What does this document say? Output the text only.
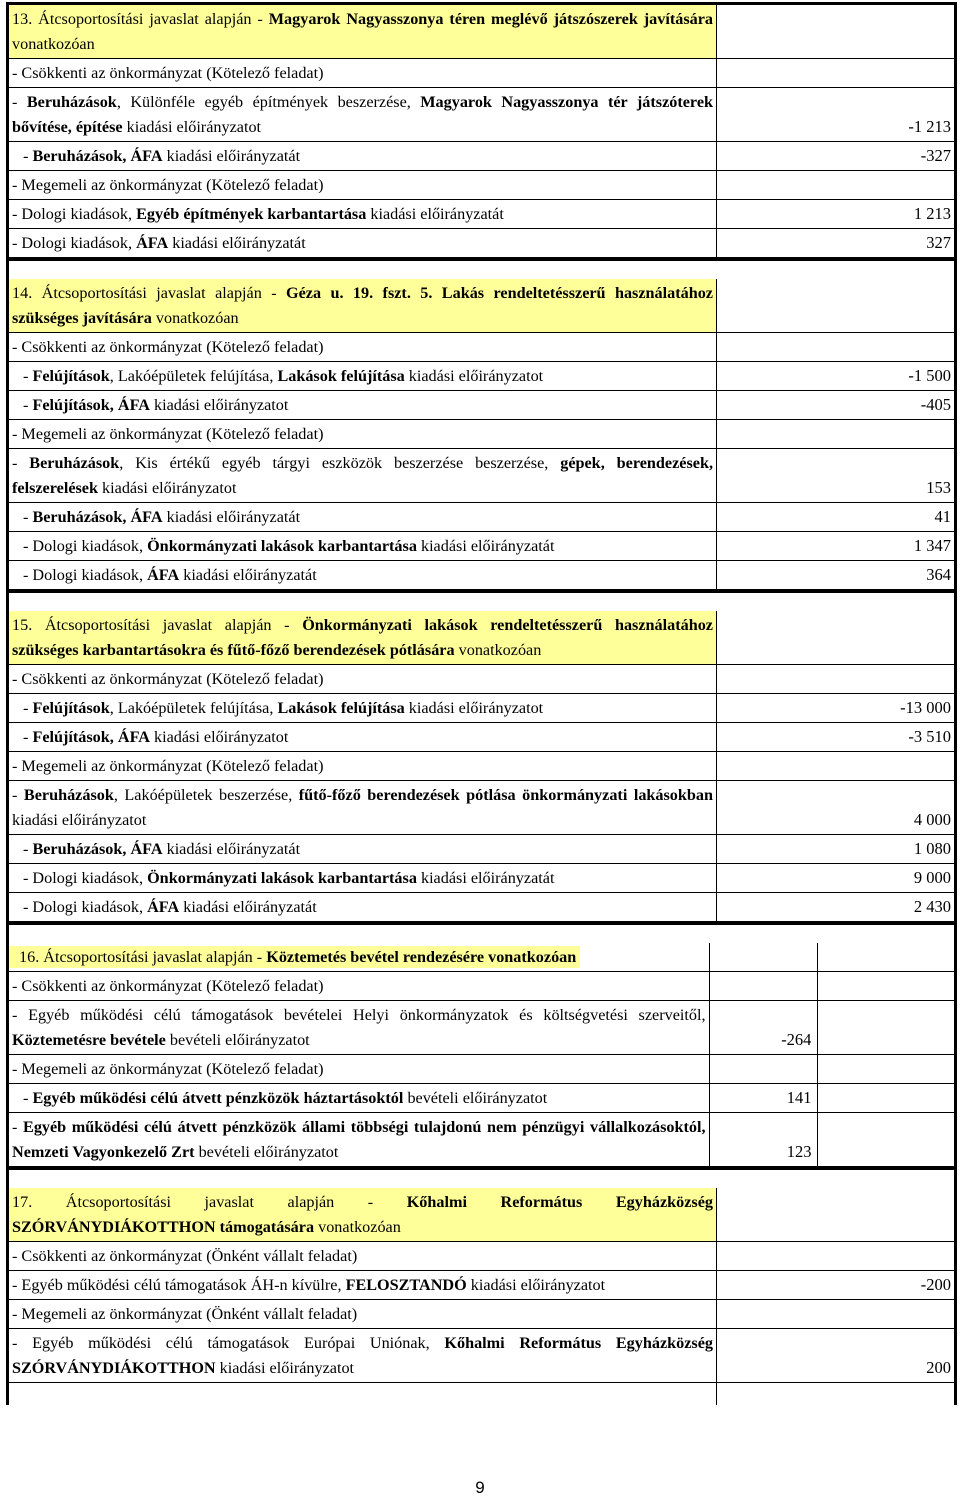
13. Átcsoportosítási javaslat alapján - Magyarok Nagyasszonya téren meglévő játszószerek javítására vonatkozóan
- Csökkenti az önkormányzat (Kötelező feladat)
- Beruházások, Különféle egyéb építmények beszerzése, Magyarok Nagyasszonya tér játszóterek bővítése, építése kiadási előirányzatot	-1 213
- Beruházások, ÁFA kiadási előirányzatát	-327
- Megemeli az önkormányzat (Kötelező feladat)
- Dologi kiadások, Egyéb építmények karbantartása kiadási előirányzatát	1 213
- Dologi kiadások, ÁFA kiadási előirányzatát	327
14. Átcsoportosítási javaslat alapján - Géza u. 19. fszt. 5. Lakás rendeltetésszerű használatához szükséges javítására vonatkozóan
- Csökkenti az önkormányzat (Kötelező feladat)
- Felújítások, Lakóépületek felújítása, Lakások felújítása kiadási előirányzatot	-1 500
- Felújítások, ÁFA kiadási előirányzatot	-405
- Megemeli az önkormányzat (Kötelező feladat)
- Beruházások, Kis értékű egyéb tárgyi eszközök beszerzése beszerzése, gépek, berendezések, felszerelések kiadási előirányzatot	153
- Beruházások, ÁFA kiadási előirányzatát	41
- Dologi kiadások, Önkormányzati lakások karbantartása kiadási előirányzatát	1 347
- Dologi kiadások, ÁFA kiadási előirányzatát	364
15. Átcsoportosítási javaslat alapján - Önkormányzati lakások rendeltetésszerű használatához szükséges karbantartásokra és fűtő-főző berendezések pótlására vonatkozóan
- Csökkenti az önkormányzat (Kötelező feladat)
- Felújítások, Lakóépületek felújítása, Lakások felújítása kiadási előirányzatot	-13 000
- Felújítások, ÁFA kiadási előirányzatot	-3 510
- Megemeli az önkormányzat (Kötelező feladat)
- Beruházások, Lakóépületek beszerzése, fűtő-főző berendezések pótlása önkormányzati lakásokban kiadási előirányzatot	4 000
- Beruházások, ÁFA kiadási előirányzatát	1 080
- Dologi kiadások, Önkormányzati lakások karbantartása kiadási előirányzatát	9 000
- Dologi kiadások, ÁFA kiadási előirányzatát	2 430
16. Átcsoportosítási javaslat alapján - Köztemetés bevétel rendezésére vonatkozóan
- Csökkenti az önkormányzat (Kötelező feladat)
- Egyéb működési célú támogatások bevételei Helyi önkormányzatok és költségvetési szerveitől, Köztemetésre bevétele bevételi előirányzatot	-264
- Megemeli az önkormányzat (Kötelező feladat)
- Egyéb működési célú átvett pénzközök háztartásoktól bevételi előirányzatot	141
- Egyéb működési célú átvett pénzközök állami többségi tulajdonú nem pénzügyi vállalkozásoktól, Nemzeti Vagyonkezelő Zrt bevételi előirányzatot	123
17. Átcsoportosítási javaslat alapján - Kőhalmi Református Egyházközség SZÓRVÁNYDIÁKOTTHON támogatására vonatkozóan
- Csökkenti az önkormányzat (Önként vállalt feladat)
- Egyéb működési célú támogatások ÁH-n kívülre, FELOSZTANDÓ kiadási előirányzatot	-200
- Megemeli az önkormányzat (Önként vállalt feladat)
- Egyéb működési célú támogatások Európai Uniónak, Kőhalmi Református Egyházközség SZÓRVÁNYDIÁKOTTHON kiadási előirányzatot	200
9
